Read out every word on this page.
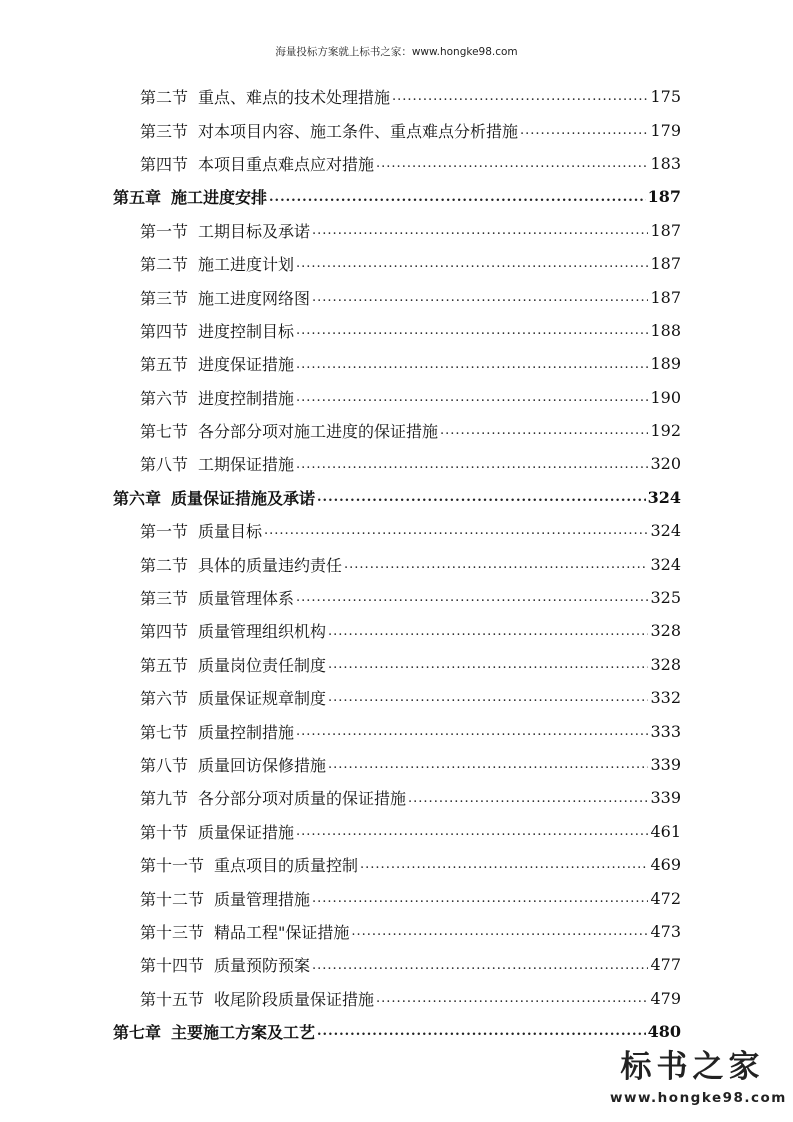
海量投标方案就上标书之家：www.hongke98.com
第二节 重点、难点的技术处理措施 .....	175
第三节 对本项目内容、施工条件、重点难点分析措施 .....	179
第四节 本项目重点难点应对措施 .....	183
第五章 施工进度安排 .....	187
第一节 工期目标及承诺 .....	187
第二节 施工进度计划 .....	187
第三节 施工进度网络图 .....	187
第四节 进度控制目标 .....	188
第五节 进度保证措施 .....	189
第六节 进度控制措施 .....	190
第七节 各分部分项对施工进度的保证措施 .....	192
第八节 工期保证措施 .....	320
第六章 质量保证措施及承诺 .....	324
第一节 质量目标 .....	324
第二节 具体的质量违约责任 .....	324
第三节 质量管理体系 .....	325
第四节 质量管理组织机构 .....	328
第五节 质量岗位责任制度 .....	328
第六节 质量保证规章制度 .....	332
第七节 质量控制措施 .....	333
第八节 质量回访保修措施 .....	339
第九节 各分部分项对质量的保证措施 .....	339
第十节 质量保证措施 .....	461
第十一节 重点项目的质量控制 .....	469
第十二节 质量管理措施 .....	472
第十三节 精品工程"保证措施 .....	473
第十四节 质量预防预案 .....	477
第十五节 收尾阶段质量保证措施 .....	479
第七章 主要施工方案及工艺 .....	480
标书之家
www.hongke98.com
